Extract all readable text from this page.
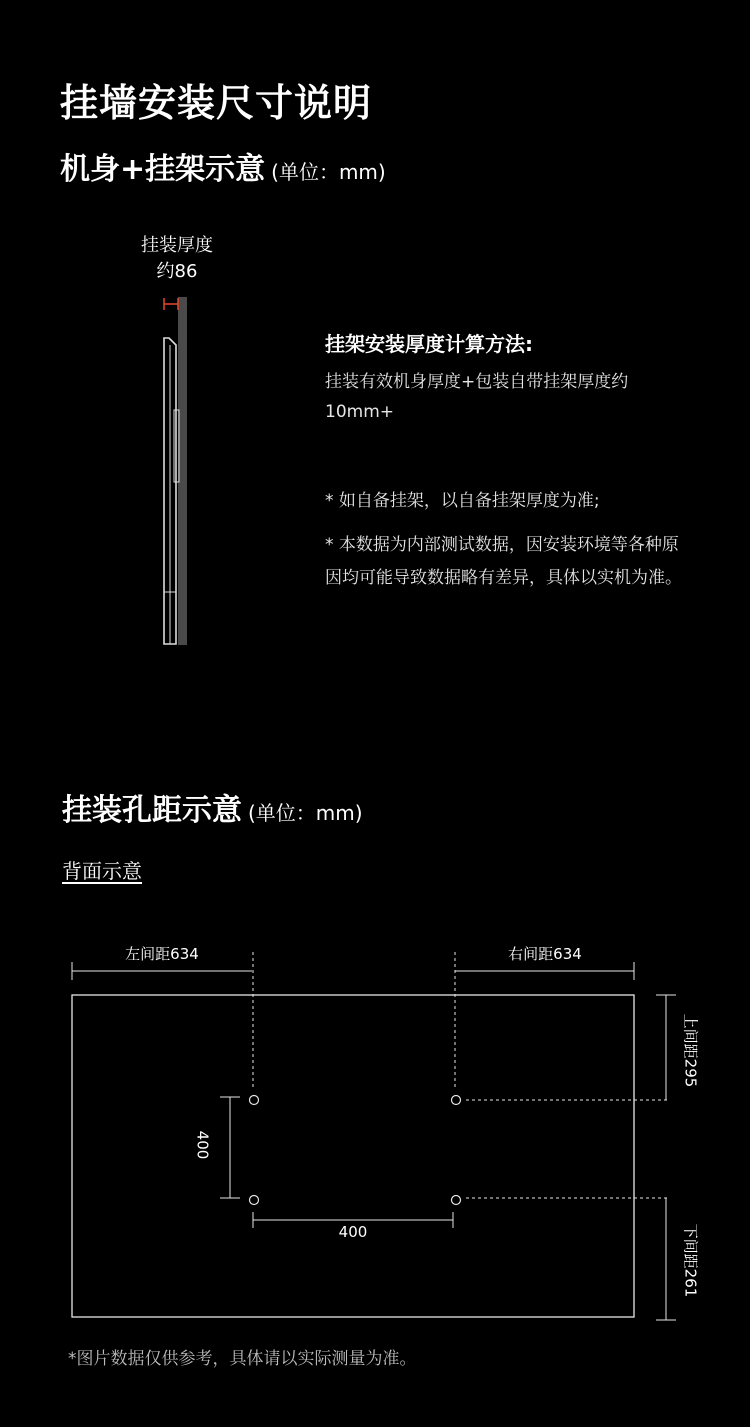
挂墙安装尺寸说明
机身+挂架示意 (单位：mm)
挂装厚度
约86
挂架安装厚度计算方法:
挂装有效机身厚度+包装自带挂架厚度约10mm+
* 如自备挂架，以自备挂架厚度为准;
* 本数据为内部测试数据，因安装环境等各种原因均可能导致数据略有差异，具体以实机为准。
挂装孔距示意 (单位：mm)
背面示意
左间距634	右间距634
400
400
上间距295
下间距261
*图片数据仅供参考，具体请以实际测量为准。
